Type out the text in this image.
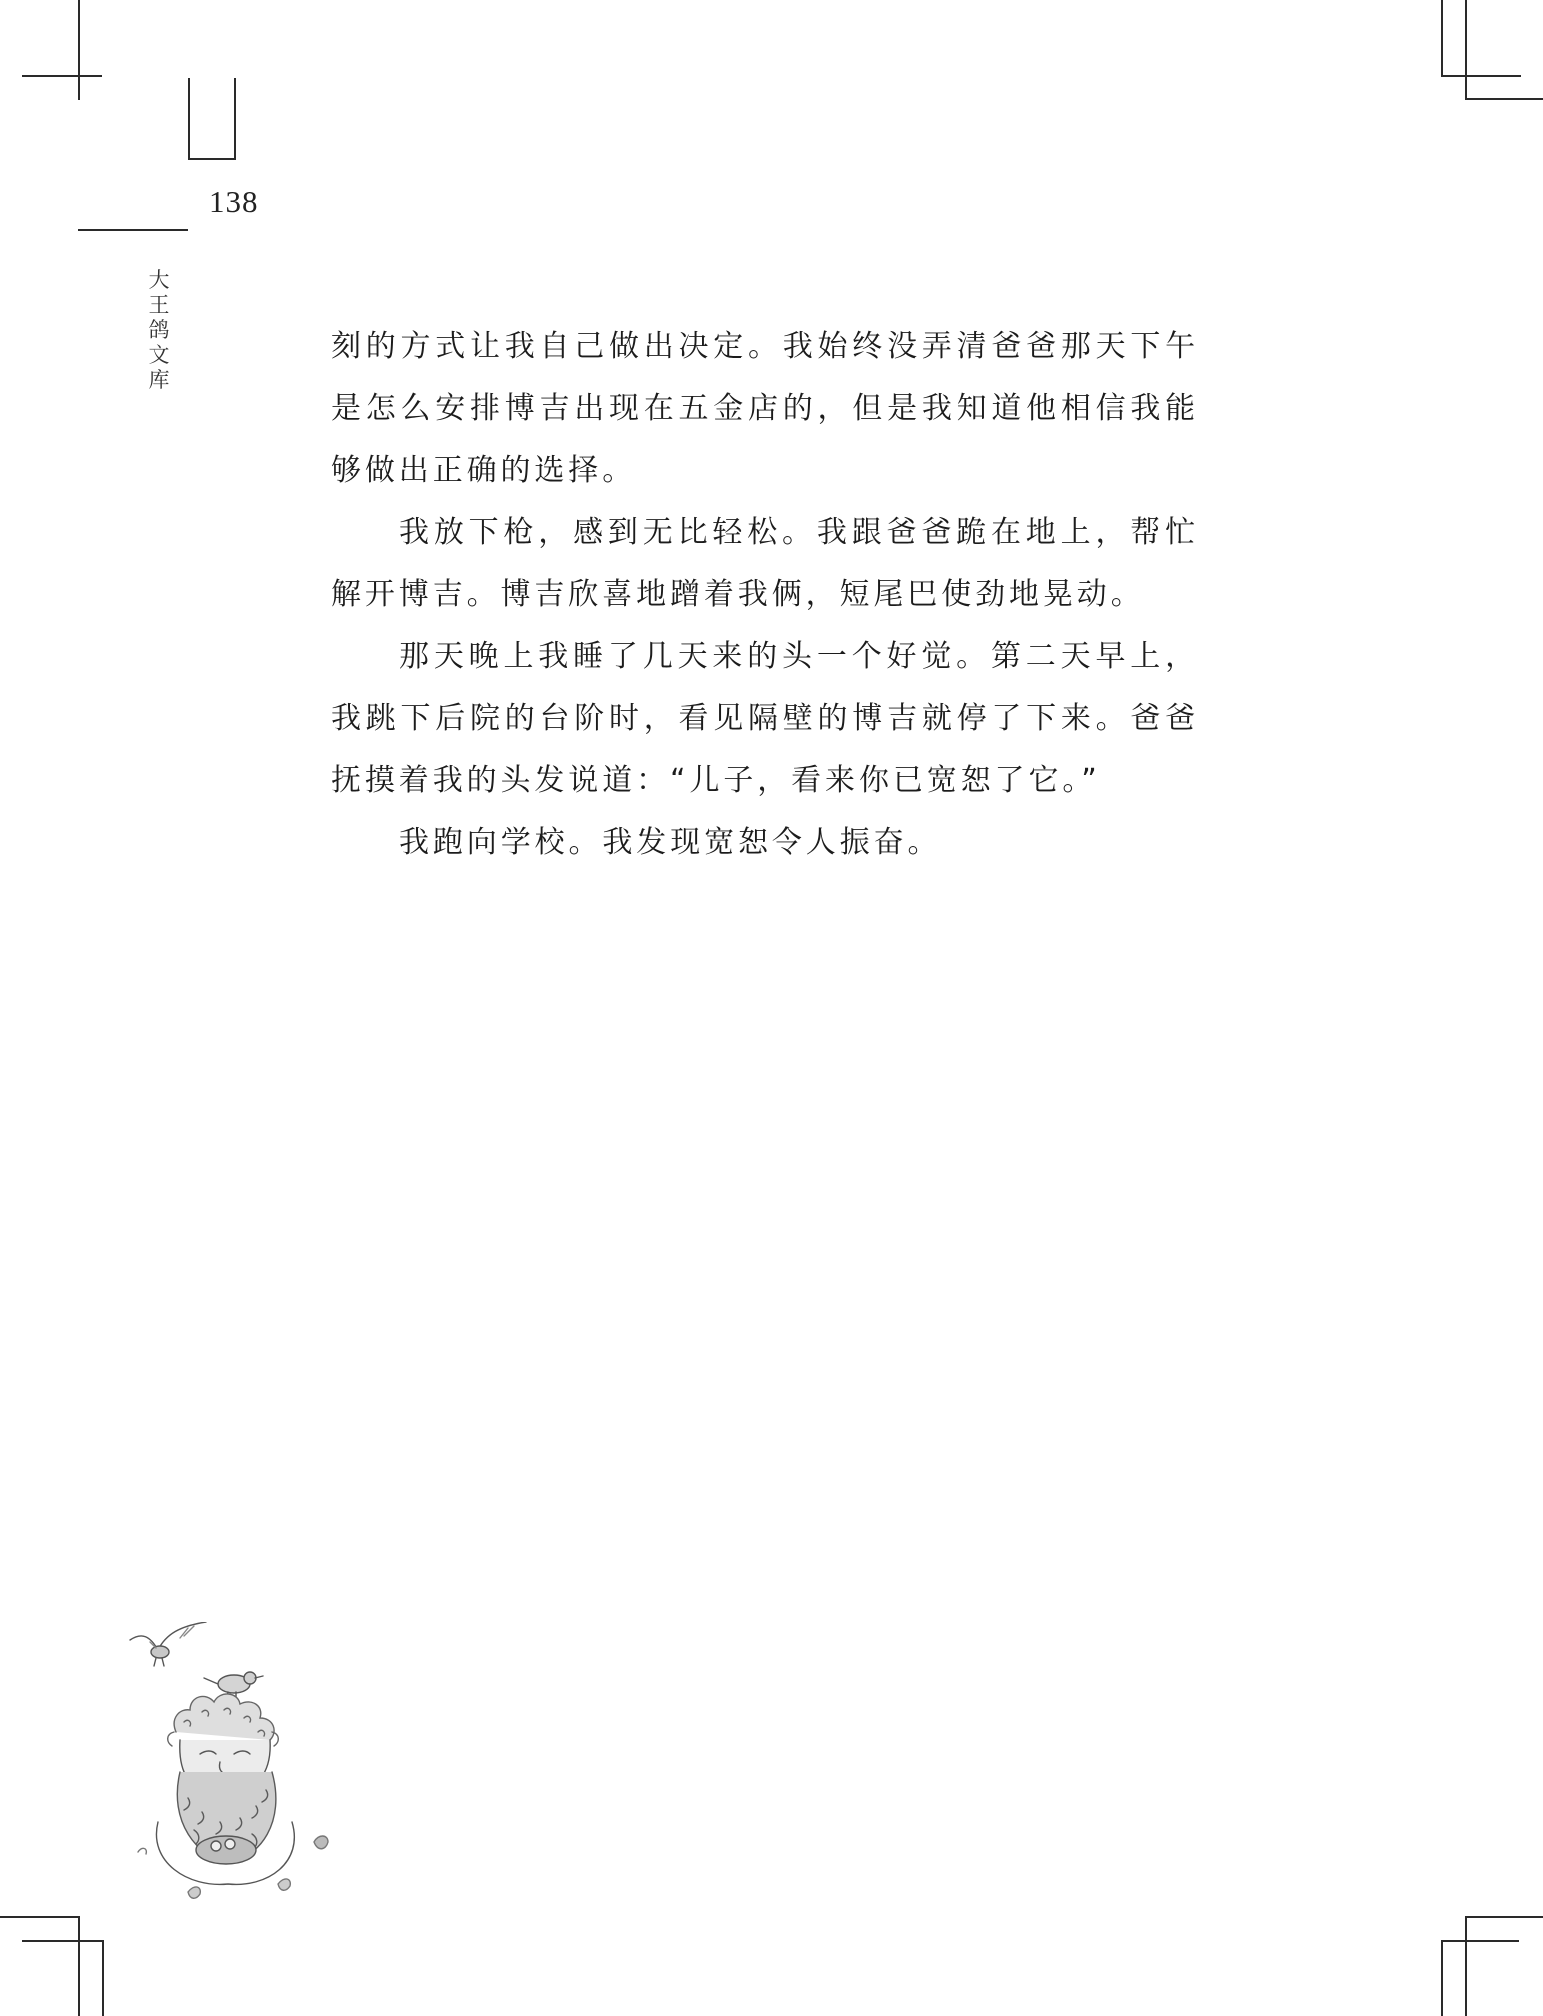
138
大
王
鸽
文
库

刻的方式让我自己做出决定。我始终没弄清爸爸那天下午是怎么安排博吉出现在五金店的，但是我知道他相信我能够做出正确的选择。

我放下枪，感到无比轻松。我跟爸爸跪在地上，帮忙解开博吉。博吉欣喜地蹭着我俩，短尾巴使劲地晃动。

那天晚上我睡了几天来的头一个好觉。第二天早上，我跳下后院的台阶时，看见隔壁的博吉就停了下来。爸爸抚摸着我的头发说道：“儿子，看来你已宽恕了它。”

我跑向学校。我发现宽恕令人振奋。
